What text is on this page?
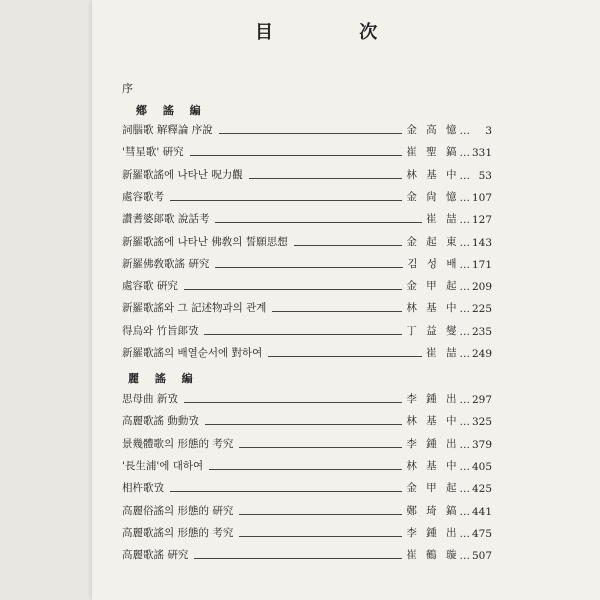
目 次
序
鄕 謠 編
麗 謠 編
詞腦歌 解釋論 序說	金 高 憶 …	3
'彗星歌' 硏究	崔 聖 鎬 … 331
新羅歌謠에 나타난 呪力觀	林 基 中 … 53
處容歌考	金 尙 憶 … 107
讚耆婆郞歌 說話考	崔 喆 … 127
新羅歌謠에 나타난 佛敎의 誓願思想	金 起 東 … 143
新羅佛敎歌謠 硏究	김 성 배 … 171
處容歌 硏究	金 甲 起 … 209
新羅歌謠와 그 記述物과의 관계	林 基 中 … 225
得烏와 竹旨郞攷	丁 益 燮 … 235
新羅歌謠의 배열순서에 對하여	崔 喆 … 249
思母曲 新攷	李 鍾 出 … 297
高麗歌謠 動動攷	林 基 中 … 325
景幾體歌의 形態的 考究	李 鍾 出 … 379
'長生浦'에 대하여	林 基 中 … 405
相杵歌攷	金 甲 起 … 425
高麗俗謠의 形態的 硏究	鄭 琦 鎬 … 441
高麗歌謠의 形態的 考究	李 鍾 出 … 475
高麗歌謠 硏究	崔 鶴 璇 … 507
